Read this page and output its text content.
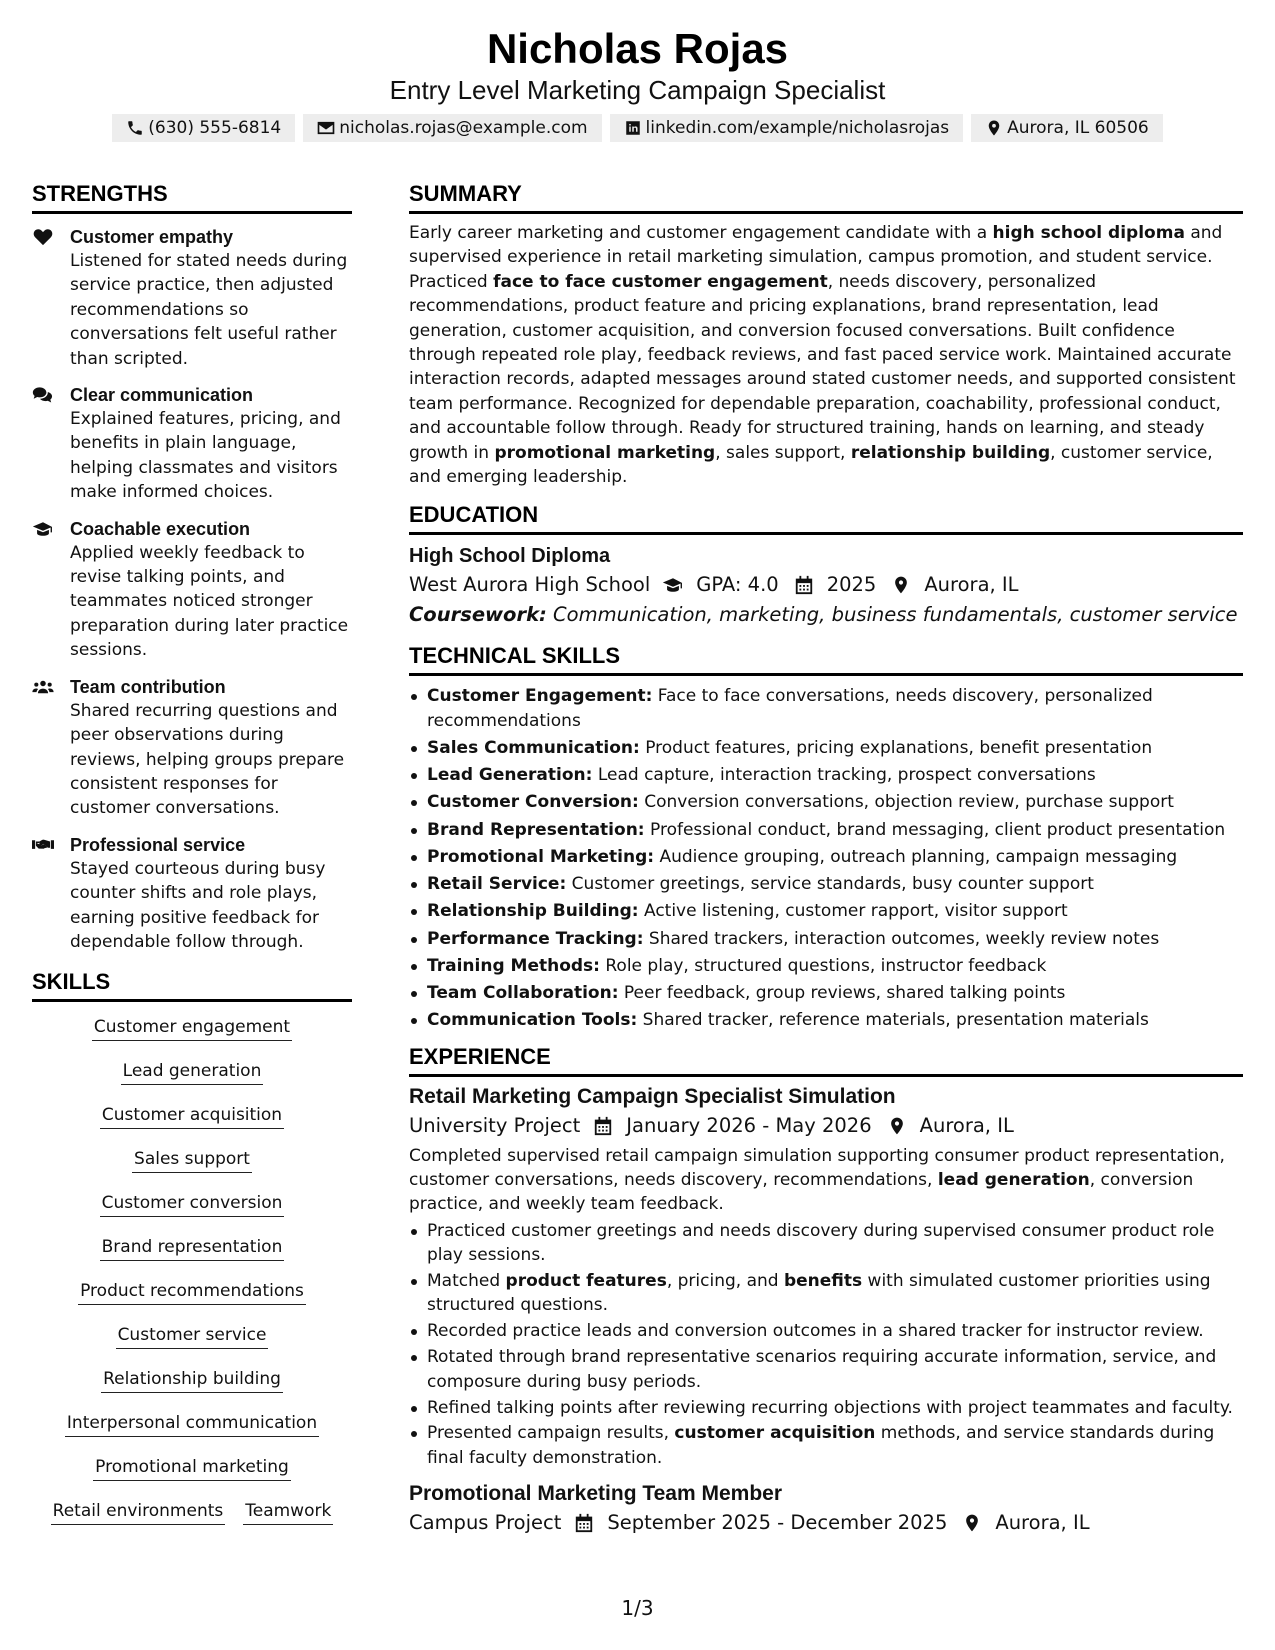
Nicholas Rojas
Entry Level Marketing Campaign Specialist
(630) 555-6814	nicholas.rojas@example.com	linkedin.com/example/nicholasrojas	Aurora, IL 60506
STRENGTHS
Customer empathy
Listened for stated needs during service practice, then adjusted recommendations so conversations felt useful rather than scripted.
Clear communication
Explained features, pricing, and benefits in plain language, helping classmates and visitors make informed choices.
Coachable execution
Applied weekly feedback to revise talking points, and teammates noticed stronger preparation during later practice sessions.
Team contribution
Shared recurring questions and peer observations during reviews, helping groups prepare consistent responses for customer conversations.
Professional service
Stayed courteous during busy counter shifts and role plays, earning positive feedback for dependable follow through.
SKILLS
Customer engagement
Lead generation
Customer acquisition
Sales support
Customer conversion
Brand representation
Product recommendations
Customer service
Relationship building
Interpersonal communication
Promotional marketing
Retail environments Teamwork
SUMMARY
Early career marketing and customer engagement candidate with a high school diploma and supervised experience in retail marketing simulation, campus promotion, and student service. Practiced face to face customer engagement, needs discovery, personalized recommendations, product feature and pricing explanations, brand representation, lead generation, customer acquisition, and conversion focused conversations. Built confidence through repeated role play, feedback reviews, and fast paced service work. Maintained accurate interaction records, adapted messages around stated customer needs, and supported consistent team performance. Recognized for dependable preparation, coachability, professional conduct, and accountable follow through. Ready for structured training, hands on learning, and steady growth in promotional marketing, sales support, relationship building, customer service, and emerging leadership.
EDUCATION
High School Diploma
West Aurora High School GPA: 4.0 2025 Aurora, IL
Coursework: Communication, marketing, business fundamentals, customer service
TECHNICAL SKILLS
Customer Engagement: Face to face conversations, needs discovery, personalized recommendations
Sales Communication: Product features, pricing explanations, benefit presentation
Lead Generation: Lead capture, interaction tracking, prospect conversations
Customer Conversion: Conversion conversations, objection review, purchase support
Brand Representation: Professional conduct, brand messaging, client product presentation
Promotional Marketing: Audience grouping, outreach planning, campaign messaging
Retail Service: Customer greetings, service standards, busy counter support
Relationship Building: Active listening, customer rapport, visitor support
Performance Tracking: Shared trackers, interaction outcomes, weekly review notes
Training Methods: Role play, structured questions, instructor feedback
Team Collaboration: Peer feedback, group reviews, shared talking points
Communication Tools: Shared tracker, reference materials, presentation materials
EXPERIENCE
Retail Marketing Campaign Specialist Simulation
University Project January 2026 - May 2026 Aurora, IL
Completed supervised retail campaign simulation supporting consumer product representation, customer conversations, needs discovery, recommendations, lead generation, conversion practice, and weekly team feedback.
Practiced customer greetings and needs discovery during supervised consumer product role play sessions.
Matched product features, pricing, and benefits with simulated customer priorities using structured questions.
Recorded practice leads and conversion outcomes in a shared tracker for instructor review.
Rotated through brand representative scenarios requiring accurate information, service, and composure during busy periods.
Refined talking points after reviewing recurring objections with project teammates and faculty.
Presented campaign results, customer acquisition methods, and service standards during final faculty demonstration.
Promotional Marketing Team Member
Campus Project September 2025 - December 2025 Aurora, IL
1/3
